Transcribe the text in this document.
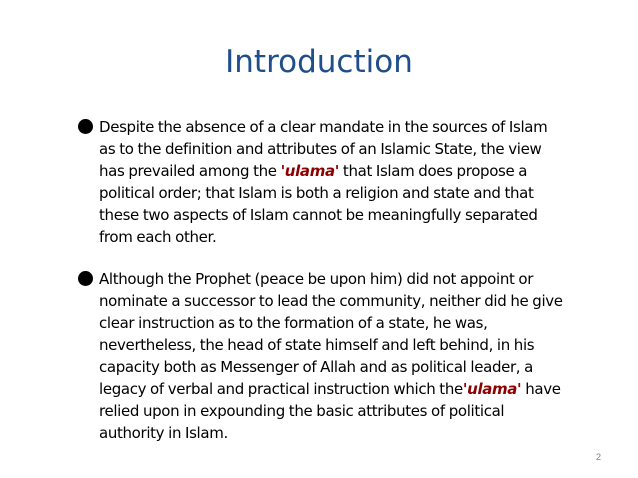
Introduction
Despite the absence of a clear mandate in the sources of Islam
as to the definition and attributes of an Islamic State, the view
has prevailed among the 'ulama' that Islam does propose a
political order; that Islam is both a religion and state and that
these two aspects of Islam cannot be meaningfully separated
from each other.
Although the Prophet (peace be upon him) did not appoint or
nominate a successor to lead the community, neither did he give
clear instruction as to the formation of a state, he was,
nevertheless, the head of state himself and left behind, in his
capacity both as Messenger of Allah and as political leader, a
legacy of verbal and practical instruction which the'ulama' have
relied upon in expounding the basic attributes of political
authority in Islam.
2
